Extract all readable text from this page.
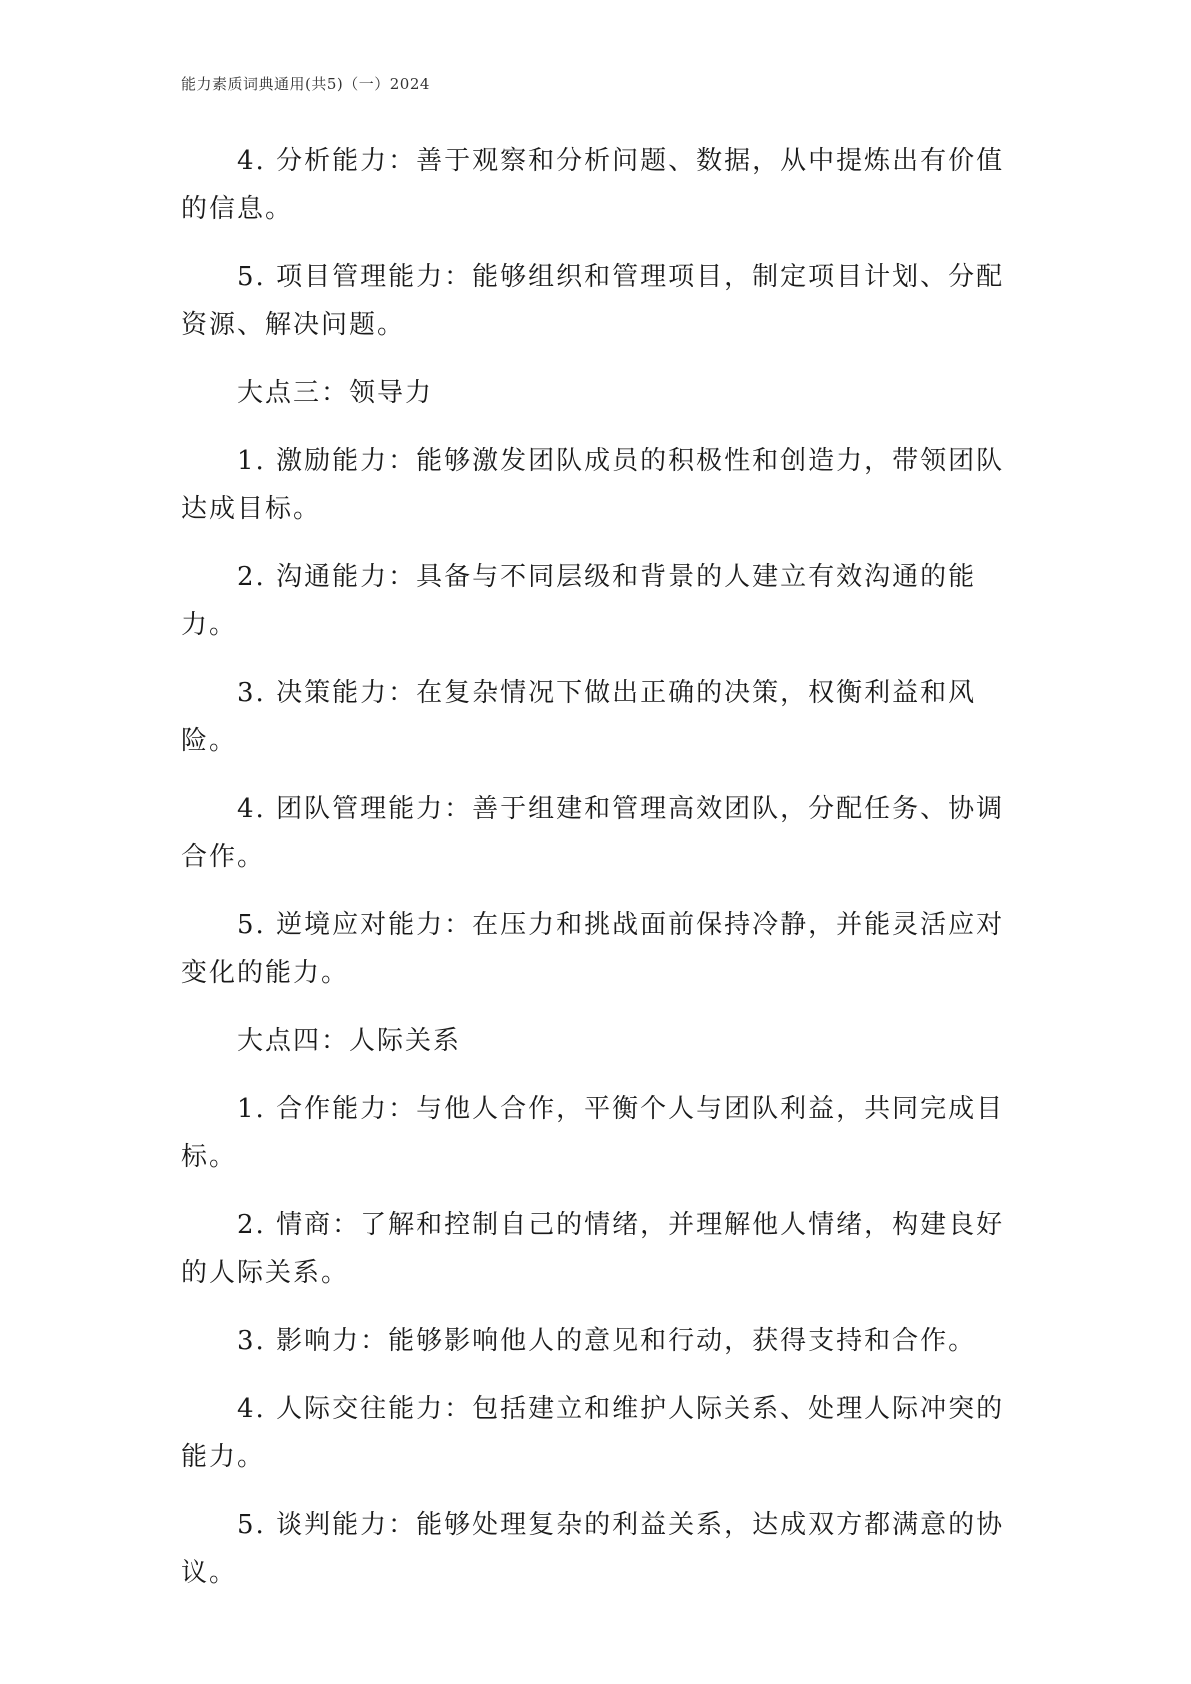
能力素质词典通用(共5)（一）2024

4. 分析能力：善于观察和分析问题、数据，从中提炼出有价值的信息。

5. 项目管理能力：能够组织和管理项目，制定项目计划、分配资源、解决问题。

大点三：领导力

1. 激励能力：能够激发团队成员的积极性和创造力，带领团队达成目标。

2. 沟通能力：具备与不同层级和背景的人建立有效沟通的能力。

3. 决策能力：在复杂情况下做出正确的决策，权衡利益和风险。

4. 团队管理能力：善于组建和管理高效团队，分配任务、协调合作。

5. 逆境应对能力：在压力和挑战面前保持冷静，并能灵活应对变化的能力。

大点四：人际关系

1. 合作能力：与他人合作，平衡个人与团队利益，共同完成目标。

2. 情商：了解和控制自己的情绪，并理解他人情绪，构建良好的人际关系。

3. 影响力：能够影响他人的意见和行动，获得支持和合作。

4. 人际交往能力：包括建立和维护人际关系、处理人际冲突的能力。

5. 谈判能力：能够处理复杂的利益关系，达成双方都满意的协议。
